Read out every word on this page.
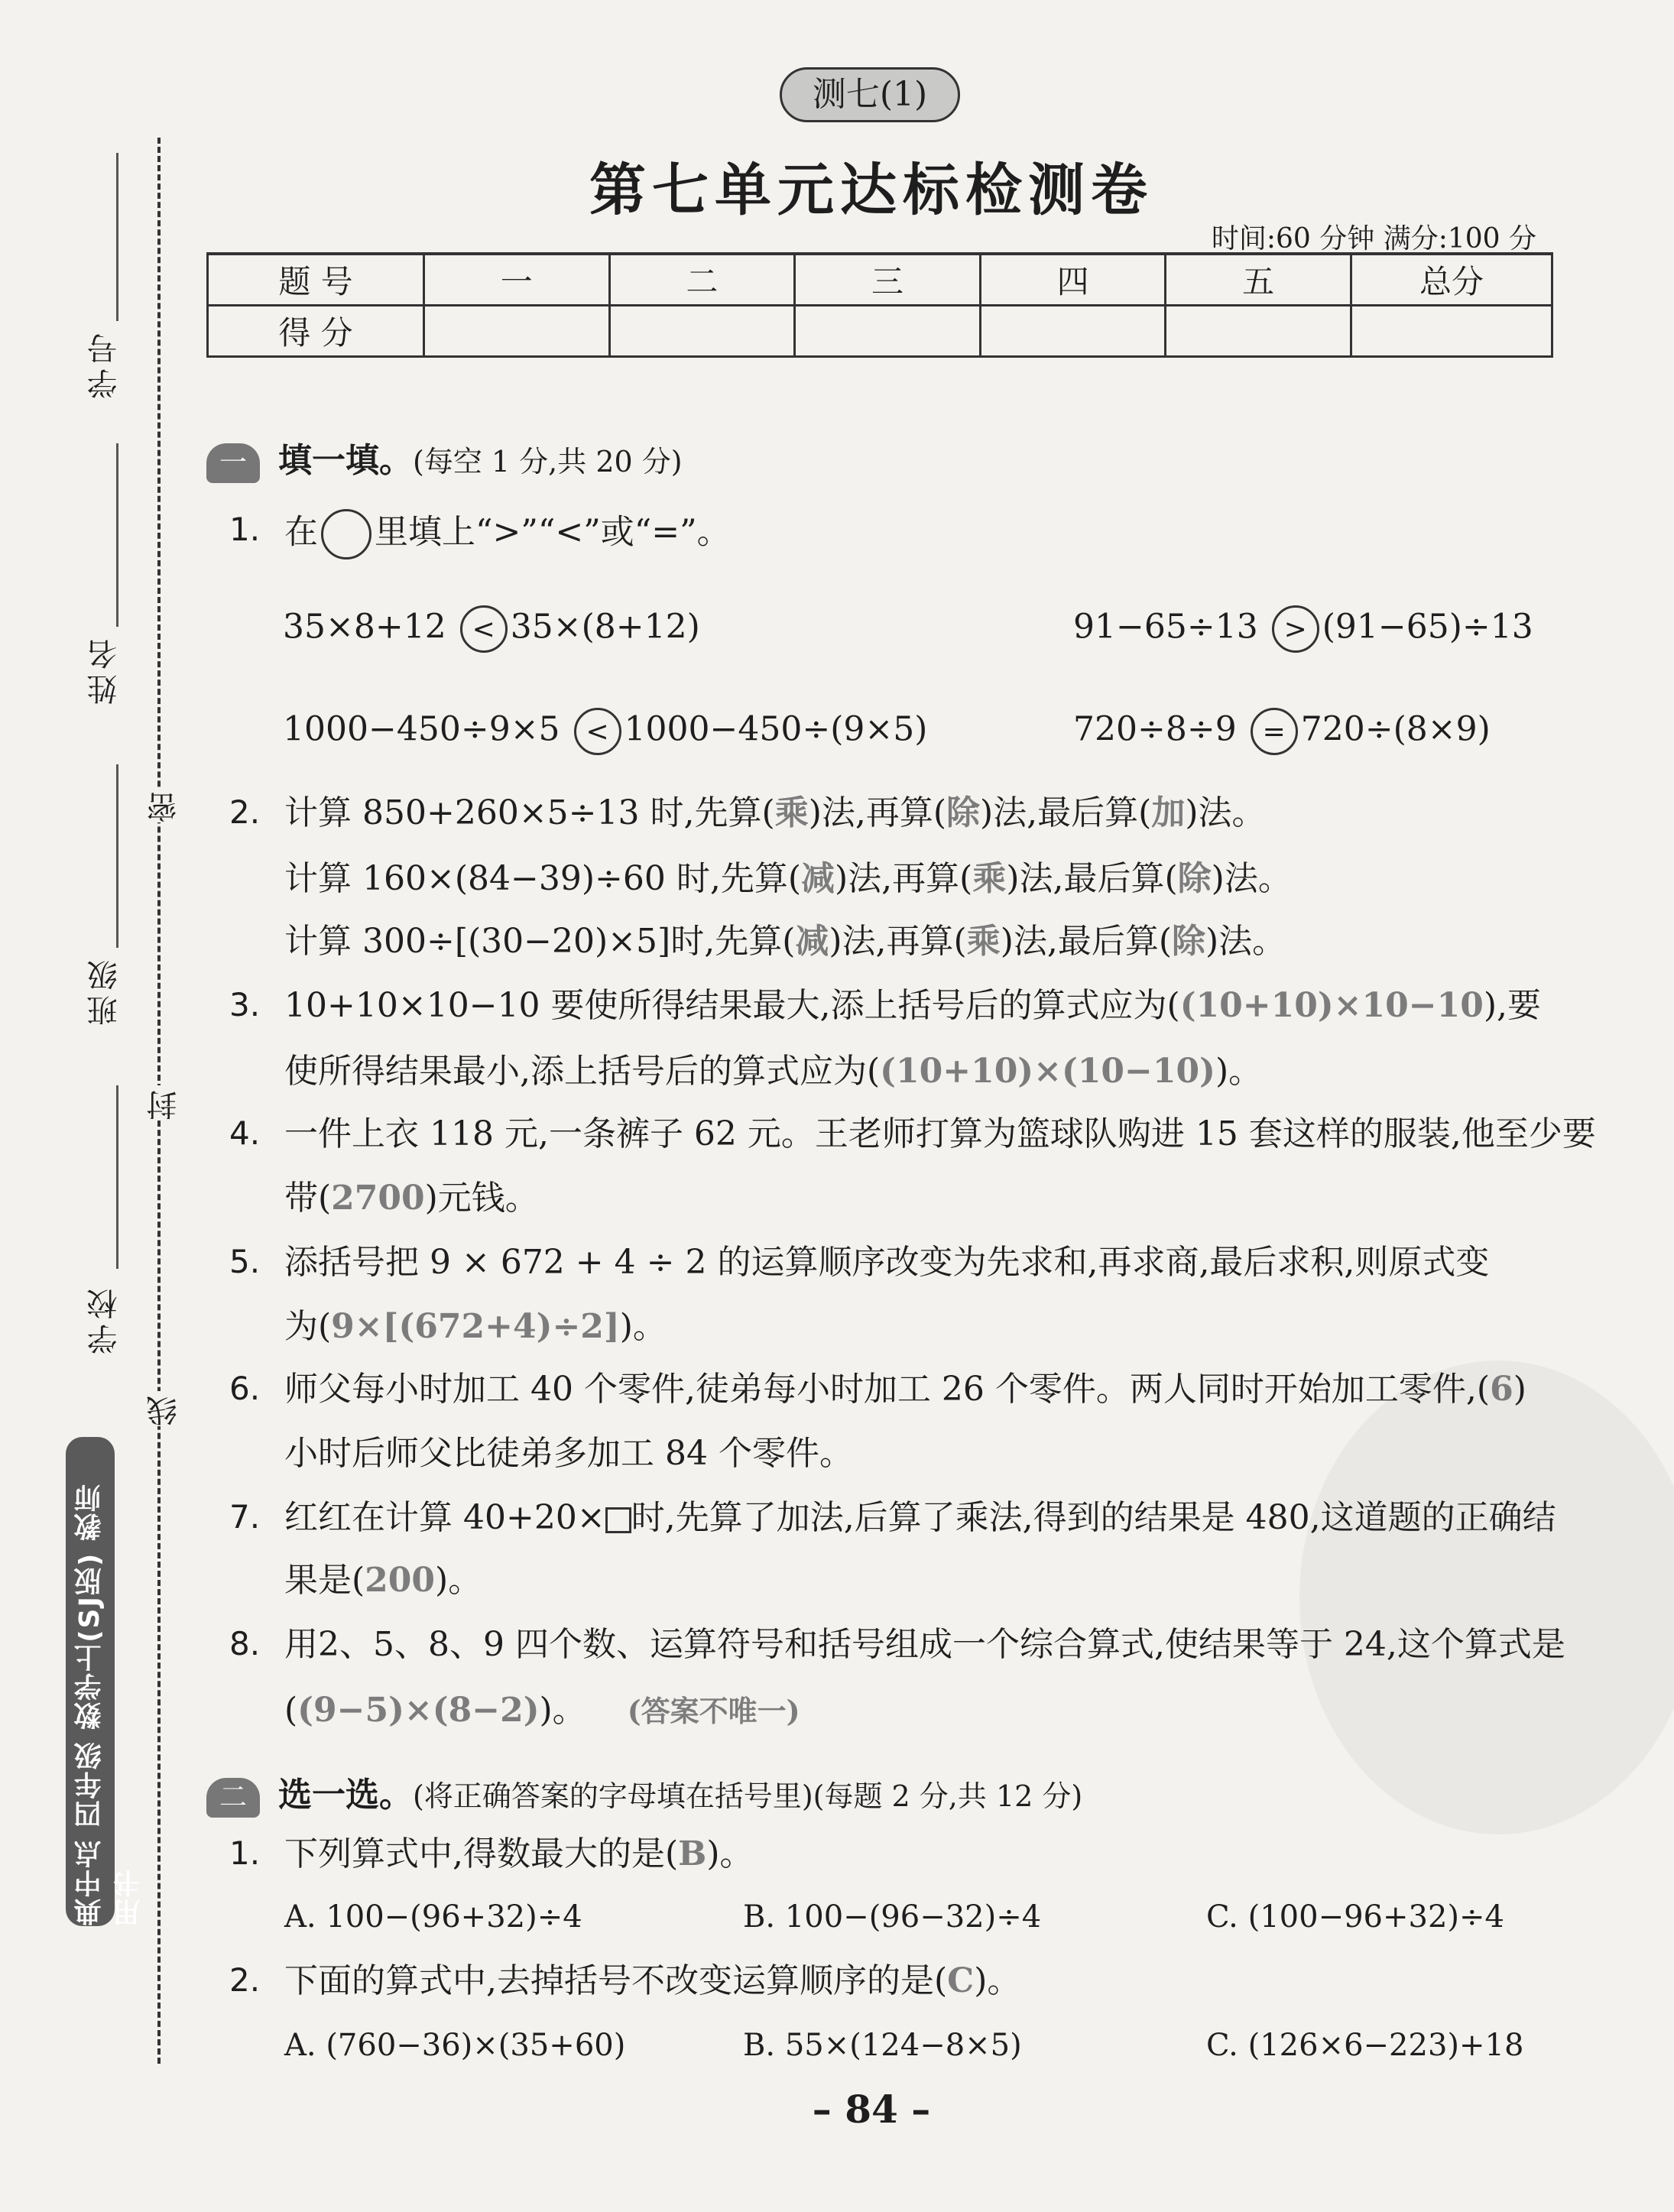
测七(1)
第七单元达标检测卷
时间:60 分钟 满分:100 分
题 号	一	二	三	四	五	总分
得 分						
学号
姓名
密
班级
封
学校
线
典中点 四年级 数学上(SJ版) 教师用书
一 填一填。(每空 1 分,共 20 分)
1. 在 里填上“>”“<”或“=”。
35×8+12 < 35×(8+12)	91−65÷13 > (91−65)÷13
1000−450÷9×5 < 1000−450÷(9×5)	720÷8÷9 = 720÷(8×9)
2. 计算 850+260×5÷13 时,先算(乘)法,再算(除)法,最后算(加)法。
计算 160×(84−39)÷60 时,先算(减)法,再算(乘)法,最后算(除)法。
计算 300÷[(30−20)×5]时,先算(减)法,再算(乘)法,最后算(除)法。
3. 10+10×10−10 要使所得结果最大,添上括号后的算式应为((10+10)×10−10),要
使所得结果最小,添上括号后的算式应为((10+10)×(10−10))。
4. 一件上衣 118 元,一条裤子 62 元。王老师打算为篮球队购进 15 套这样的服装,他至少要
带(2700)元钱。
5. 添括号把 9 × 672 + 4 ÷ 2 的运算顺序改变为先求和,再求商,最后求积,则原式变
为(9×[(672+4)÷2])。
6. 师父每小时加工 40 个零件,徒弟每小时加工 26 个零件。两人同时开始加工零件,(6)
小时后师父比徒弟多加工 84 个零件。
7. 红红在计算 40+20× 时,先算了加法,后算了乘法,得到的结果是 480,这道题的正确结
果是(200)。
8. 用2、5、8、9 四个数、运算符号和括号组成一个综合算式,使结果等于 24,这个算式是
((9−5)×(8−2))。 (答案不唯一)
二 选一选。(将正确答案的字母填在括号里)(每题 2 分,共 12 分)
1. 下列算式中,得数最大的是(B)。
A. 100−(96+32)÷4	B. 100−(96−32)÷4	C. (100−96+32)÷4
2. 下面的算式中,去掉括号不改变运算顺序的是(C)。
A. (760−36)×(35+60)	B. 55×(124−8×5)	C. (126×6−223)+18
– 84 –
